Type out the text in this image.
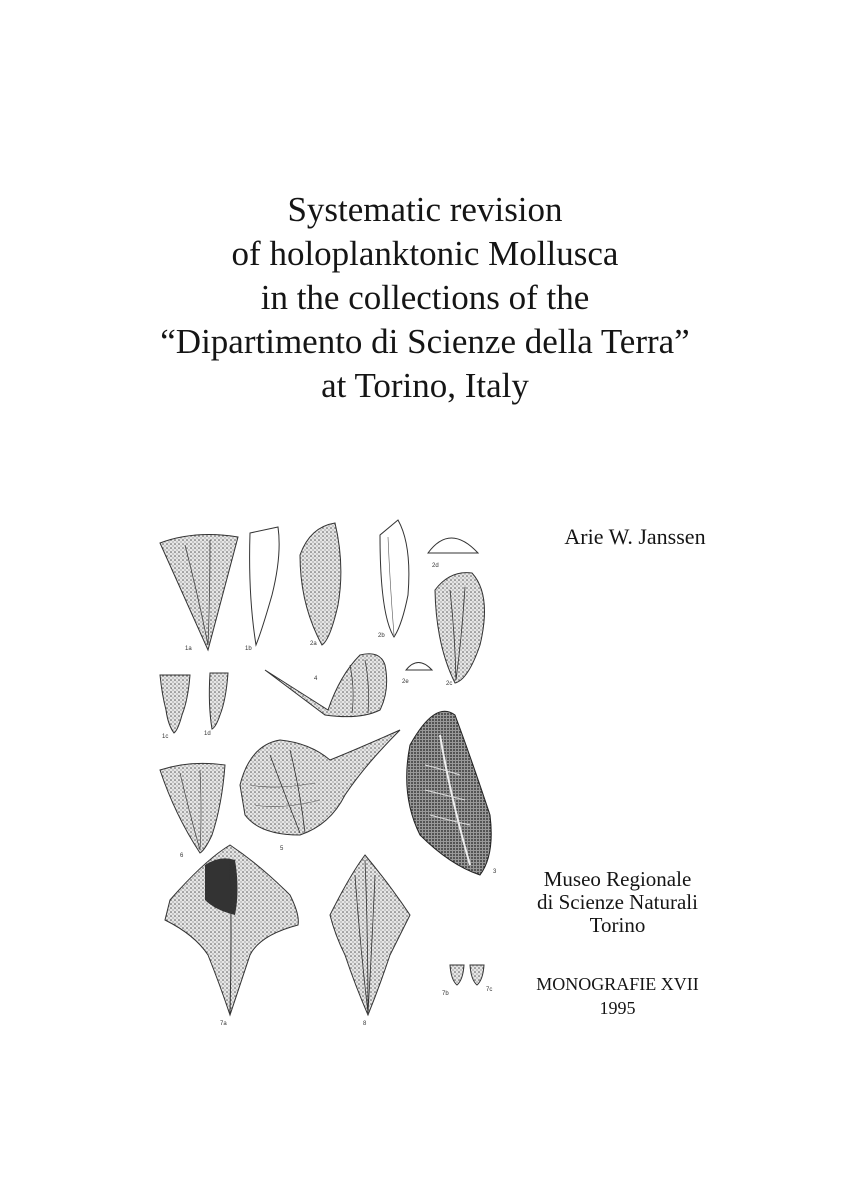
Systematic revision
of holoplanktonic Mollusca
in the collections of the
“Dipartimento di Scienze della Terra”
at Torino, Italy
Arie W. Janssen
1a	1b
2a
2b
2d
2e	2c
1c	1d
4
6
5
3
7a	8
7b
7c
Museo Regionale
di Scienze Naturali
Torino
MONOGRAFIE XVII
1995
